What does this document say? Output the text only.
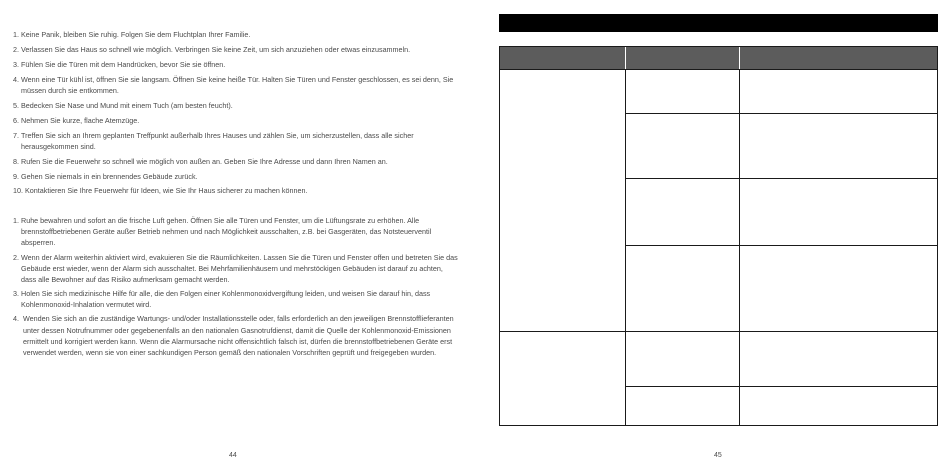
1. Keine Panik, bleiben Sie ruhig. Folgen Sie dem Fluchtplan Ihrer Familie.
2. Verlassen Sie das Haus so schnell wie möglich. Verbringen Sie keine Zeit, um sich anzuziehen oder etwas einzusammeln.
3. Fühlen Sie die Türen mit dem Handrücken, bevor Sie sie öffnen.
4. Wenn eine Tür kühl ist, öffnen Sie sie langsam. Öffnen Sie keine heiße Tür. Halten Sie Türen und Fenster geschlossen, es sei denn, Sie müssen durch sie entkommen.
5. Bedecken Sie Nase und Mund mit einem Tuch (am besten feucht).
6. Nehmen Sie kurze, flache Atemzüge.
7. Treffen Sie sich an Ihrem geplanten Treffpunkt außerhalb Ihres Hauses und zählen Sie, um sicherzustellen, dass alle sicher herausgekommen sind.
8. Rufen Sie die Feuerwehr so schnell wie möglich von außen an. Geben Sie Ihre Adresse und dann Ihren Namen an.
9. Gehen Sie niemals in ein brennendes Gebäude zurück.
10. Kontaktieren Sie Ihre Feuerwehr für Ideen, wie Sie Ihr Haus sicherer zu machen können.
1. Ruhe bewahren und sofort an die frische Luft gehen. Öffnen Sie alle Türen und Fenster, um die Lüftungsrate zu erhöhen. Alle brennstoffbetriebenen Geräte außer Betrieb nehmen und nach Möglichkeit ausschalten, z.B. bei Gasgeräten, das Notsteuerventil absperren.
2. Wenn der Alarm weiterhin aktiviert wird, evakuieren Sie die Räumlichkeiten. Lassen Sie die Türen und Fenster offen und betreten Sie das Gebäude erst wieder, wenn der Alarm sich ausschaltet. Bei Mehrfamilienhäusern und mehrstöckigen Gebäuden ist darauf zu achten, dass alle Bewohner auf das Risiko aufmerksam gemacht werden.
3. Holen Sie sich medizinische Hilfe für alle, die den Folgen einer Kohlenmonoxidvergiftung leiden, und weisen Sie darauf hin, dass Kohlenmonoxid-Inhalation vermutet wird.
4. Wenden Sie sich an die zuständige Wartungs- und/oder Installationsstelle oder, falls erforderlich an den jeweiligen Brennstofflieferanten unter dessen Notrufnummer oder gegebenenfalls an den nationalen Gasnotrufdienst, damit die Quelle der Kohlenmonoxid-Emissionen ermittelt und korrigiert werden kann. Wenn die Alarmursache nicht offensichtlich falsch ist, dürfen die brennstoffbetriebenen Geräte erst verwendet werden, wenn sie von einer sachkundigen Person gemäß den nationalen Vorschriften geprüft und freigegeben wurden.
44	45
